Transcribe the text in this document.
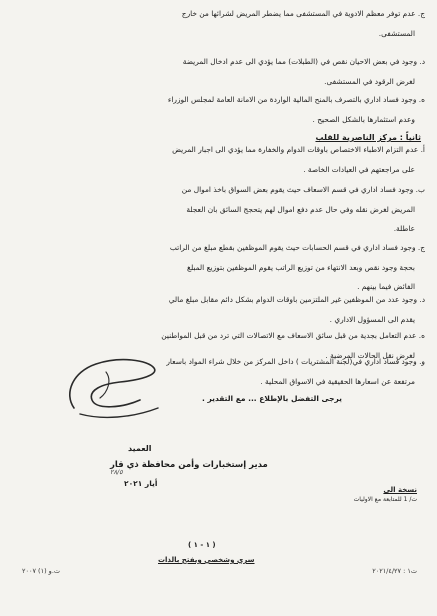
ج. عدم توفر معظم الادوية في المستشفى مما يضطر المريض لشرائها من خارج
المستشفى.
د. وجود في بعض الاحيان نقص في (الطبلات) مما يؤدي الى عدم ادخال المريضة
لغرض الرقود في المستشفى.
ه. وجود فساد اداري بالتصرف بالمنح المالية الواردة من الامانة العامة لمجلس الوزراء
وعدم استثمارها بالشكل الصحيح .
ثانياً : مركز الناصرية للقلب
أ. عدم التزام الاطباء الاختصاص باوقات الدوام والخفارة مما يؤدي الى اجبار المريض
على مراجعتهم في العيادات الخاصة .
ب. وجود فساد اداري في قسم الاسعاف حيث يقوم بعض السواق باخذ اموال من
المريض لغرض نقله وفي حال عدم دفع اموال لهم يتحجج السائق بان العجلة
عاطلة.
ج. وجود فساد اداري في قسم الحسابات حيث يقوم الموظفين بقطع مبلغ من الراتب
بحجة وجود نقص وبعد الانتهاء من توزيع الراتب يقوم الموظفين بتوزيع المبلغ
الفائض فيما بينهم .
د. وجود عدد من الموظفين غير الملتزمين باوقات الدوام بشكل دائم مقابل مبلغ مالي
يقدم الى المسؤول الاداري .
ه. عدم التعامل بجدية من قبل سائق الاسعاف مع الاتصالات التي ترد من قبل المواطنين
لغرض نقل الحالات المرضية .
و. وجود فساد اداري في(لجنة المشتريات ) داخل المركز من خلال شراء المواد باسعار
مرتفعة عن اسعارها الحقيقية في الاسواق المحلية .
يرجى التفضل بالإطلاع ... مع التقدير .
العميد
مدير إستخبارات وأمن محافظة ذي قار
٢٨/٥
أيار ٢٠٢١
نسخة الى
ت/ 1 للمتابعة مع الاوليات
( ١ - ١ )
سري وشخصي ويفتح بالذات
ت.و (١) ٢٠٠٧	ت١ : ٢٠٢١/٤/٢٧
